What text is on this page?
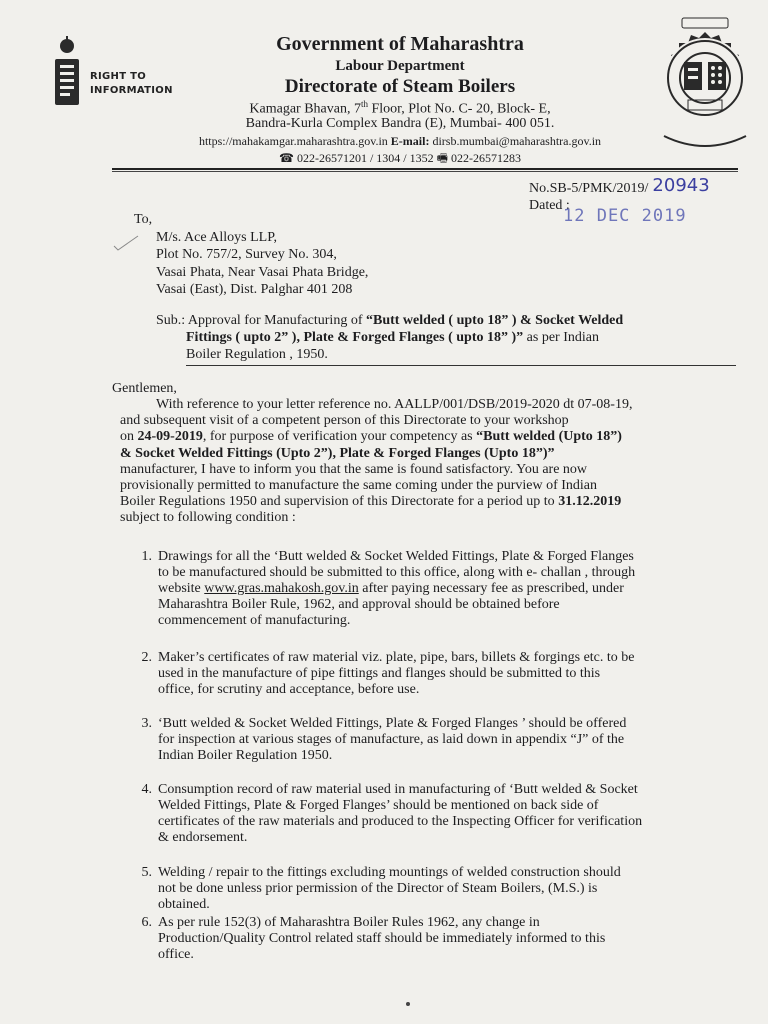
RIGHT TO
INFORMATION
Government of Maharashtra
Labour Department
Directorate of Steam Boilers
Kamagar Bhavan, 7th Floor, Plot No. C- 20, Block- E,
Bandra-Kurla Complex Bandra (E), Mumbai- 400 051.
https://mahakamgar.maharashtra.gov.in E-mail: dirsb.mumbai@maharashtra.gov.in
☎ 022-26571201 / 1304 / 1352 🖷 022-26571283
No.SB-5/PMK/2019/ 20943
Dated :
12 DEC 2019
To,
M/s. Ace Alloys LLP,
Plot No. 757/2, Survey No. 304,
Vasai Phata, Near Vasai Phata Bridge,
Vasai (East), Dist. Palghar 401 208
Sub.: Approval for Manufacturing of “Butt welded ( upto 18” ) & Socket Welded
Fittings ( upto 2” ), Plate & Forged Flanges ( upto 18” )” as per Indian
Boiler Regulation , 1950.
Gentlemen,
With reference to your letter reference no. AALLP/001/DSB/2019-2020 dt 07-08-19,
and subsequent visit of a competent person of this Directorate to your workshop
on 24-09-2019, for purpose of verification your competency as “Butt welded (Upto 18”)
& Socket Welded Fittings (Upto 2”), Plate & Forged Flanges (Upto 18”)”
manufacturer, I have to inform you that the same is found satisfactory. You are now
provisionally permitted to manufacture the same coming under the purview of Indian
Boiler Regulations 1950 and supervision of this Directorate for a period up to 31.12.2019
subject to following condition :
1. Drawings for all the ‘Butt welded & Socket Welded Fittings, Plate & Forged Flanges
to be manufactured should be submitted to this office, along with e- challan , through
website www.gras.mahakosh.gov.in after paying necessary fee as prescribed, under
Maharashtra Boiler Rule, 1962, and approval should be obtained before
commencement of manufacturing.
2. Maker’s certificates of raw material viz. plate, pipe, bars, billets & forgings etc. to be
used in the manufacture of pipe fittings and flanges should be submitted to this
office, for scrutiny and acceptance, before use.
3. ‘Butt welded & Socket Welded Fittings, Plate & Forged Flanges ’ should be offered
for inspection at various stages of manufacture, as laid down in appendix “J” of the
Indian Boiler Regulation 1950.
4. Consumption record of raw material used in manufacturing of ‘Butt welded & Socket
Welded Fittings, Plate & Forged Flanges’ should be mentioned on back side of
certificates of the raw materials and produced to the Inspecting Officer for verification
& endorsement.
5. Welding / repair to the fittings excluding mountings of welded construction should
not be done unless prior permission of the Director of Steam Boilers, (M.S.) is
obtained.
6. As per rule 152(3) of Maharashtra Boiler Rules 1962, any change in
Production/Quality Control related staff should be immediately informed to this
office.
